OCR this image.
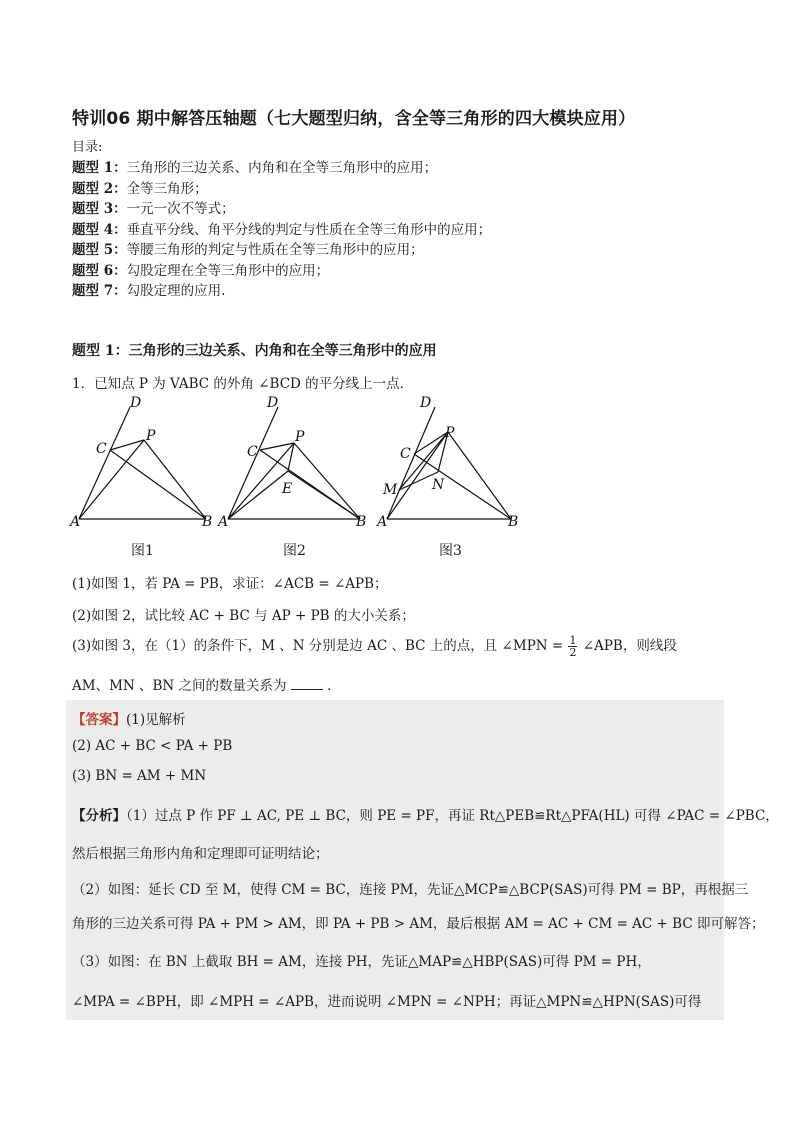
特训06 期中解答压轴题（七大题型归纳，含全等三角形的四大模块应用）
目录:
题型 1：三角形的三边关系、内角和在全等三角形中的应用；
题型 2：全等三角形；
题型 3：一元一次不等式；
题型 4：垂直平分线、角平分线的判定与性质在全等三角形中的应用；
题型 5：等腰三角形的判定与性质在全等三角形中的应用；
题型 6：勾股定理在全等三角形中的应用；
题型 7：勾股定理的应用.
题型 1：三角形的三边关系、内角和在全等三角形中的应用
1．已知点 P 为 VABC 的外角 ∠BCD 的平分线上一点．
D
C
P
A	B
D
C
P
E
A	B
D
C
P
M N
A	B
图1	图2	图3
(1)如图 1，若 PA = PB，求证：∠ACB = ∠APB；
(2)如图 2，试比较 AC + BC 与 AP + PB 的大小关系；
(3)如图 3，在（1）的条件下，M 、N 分别是边 AC 、BC 上的点，且 ∠MPN = $\frac{1}{2}$ ∠APB，则线段
AM、MN 、BN 之间的数量关系为	．
【答案】(1)见解析
(2) AC + BC < PA + PB
(3) BN = AM + MN
【分析】（1）过点 P 作 PF ⊥ AC, PE ⊥ BC，则 PE = PF，再证 Rt△PEB≌Rt△PFA(HL) 可得 ∠PAC = ∠PBC，
然后根据三角形内角和定理即可证明结论；
（2）如图：延长 CD 至 M，使得 CM = BC，连接 PM，先证△MCP≌△BCP(SAS)可得 PM = BP，再根据三
角形的三边关系可得 PA + PM > AM，即 PA + PB > AM，最后根据 AM = AC + CM = AC + BC 即可解答；
（3）如图：在 BN 上截取 BH = AM，连接 PH，先证△MAP≌△HBP(SAS)可得 PM = PH，
∠MPA = ∠BPH，即 ∠MPH = ∠APB，进而说明 ∠MPN = ∠NPH；再证△MPN≌△HPN(SAS)可得
